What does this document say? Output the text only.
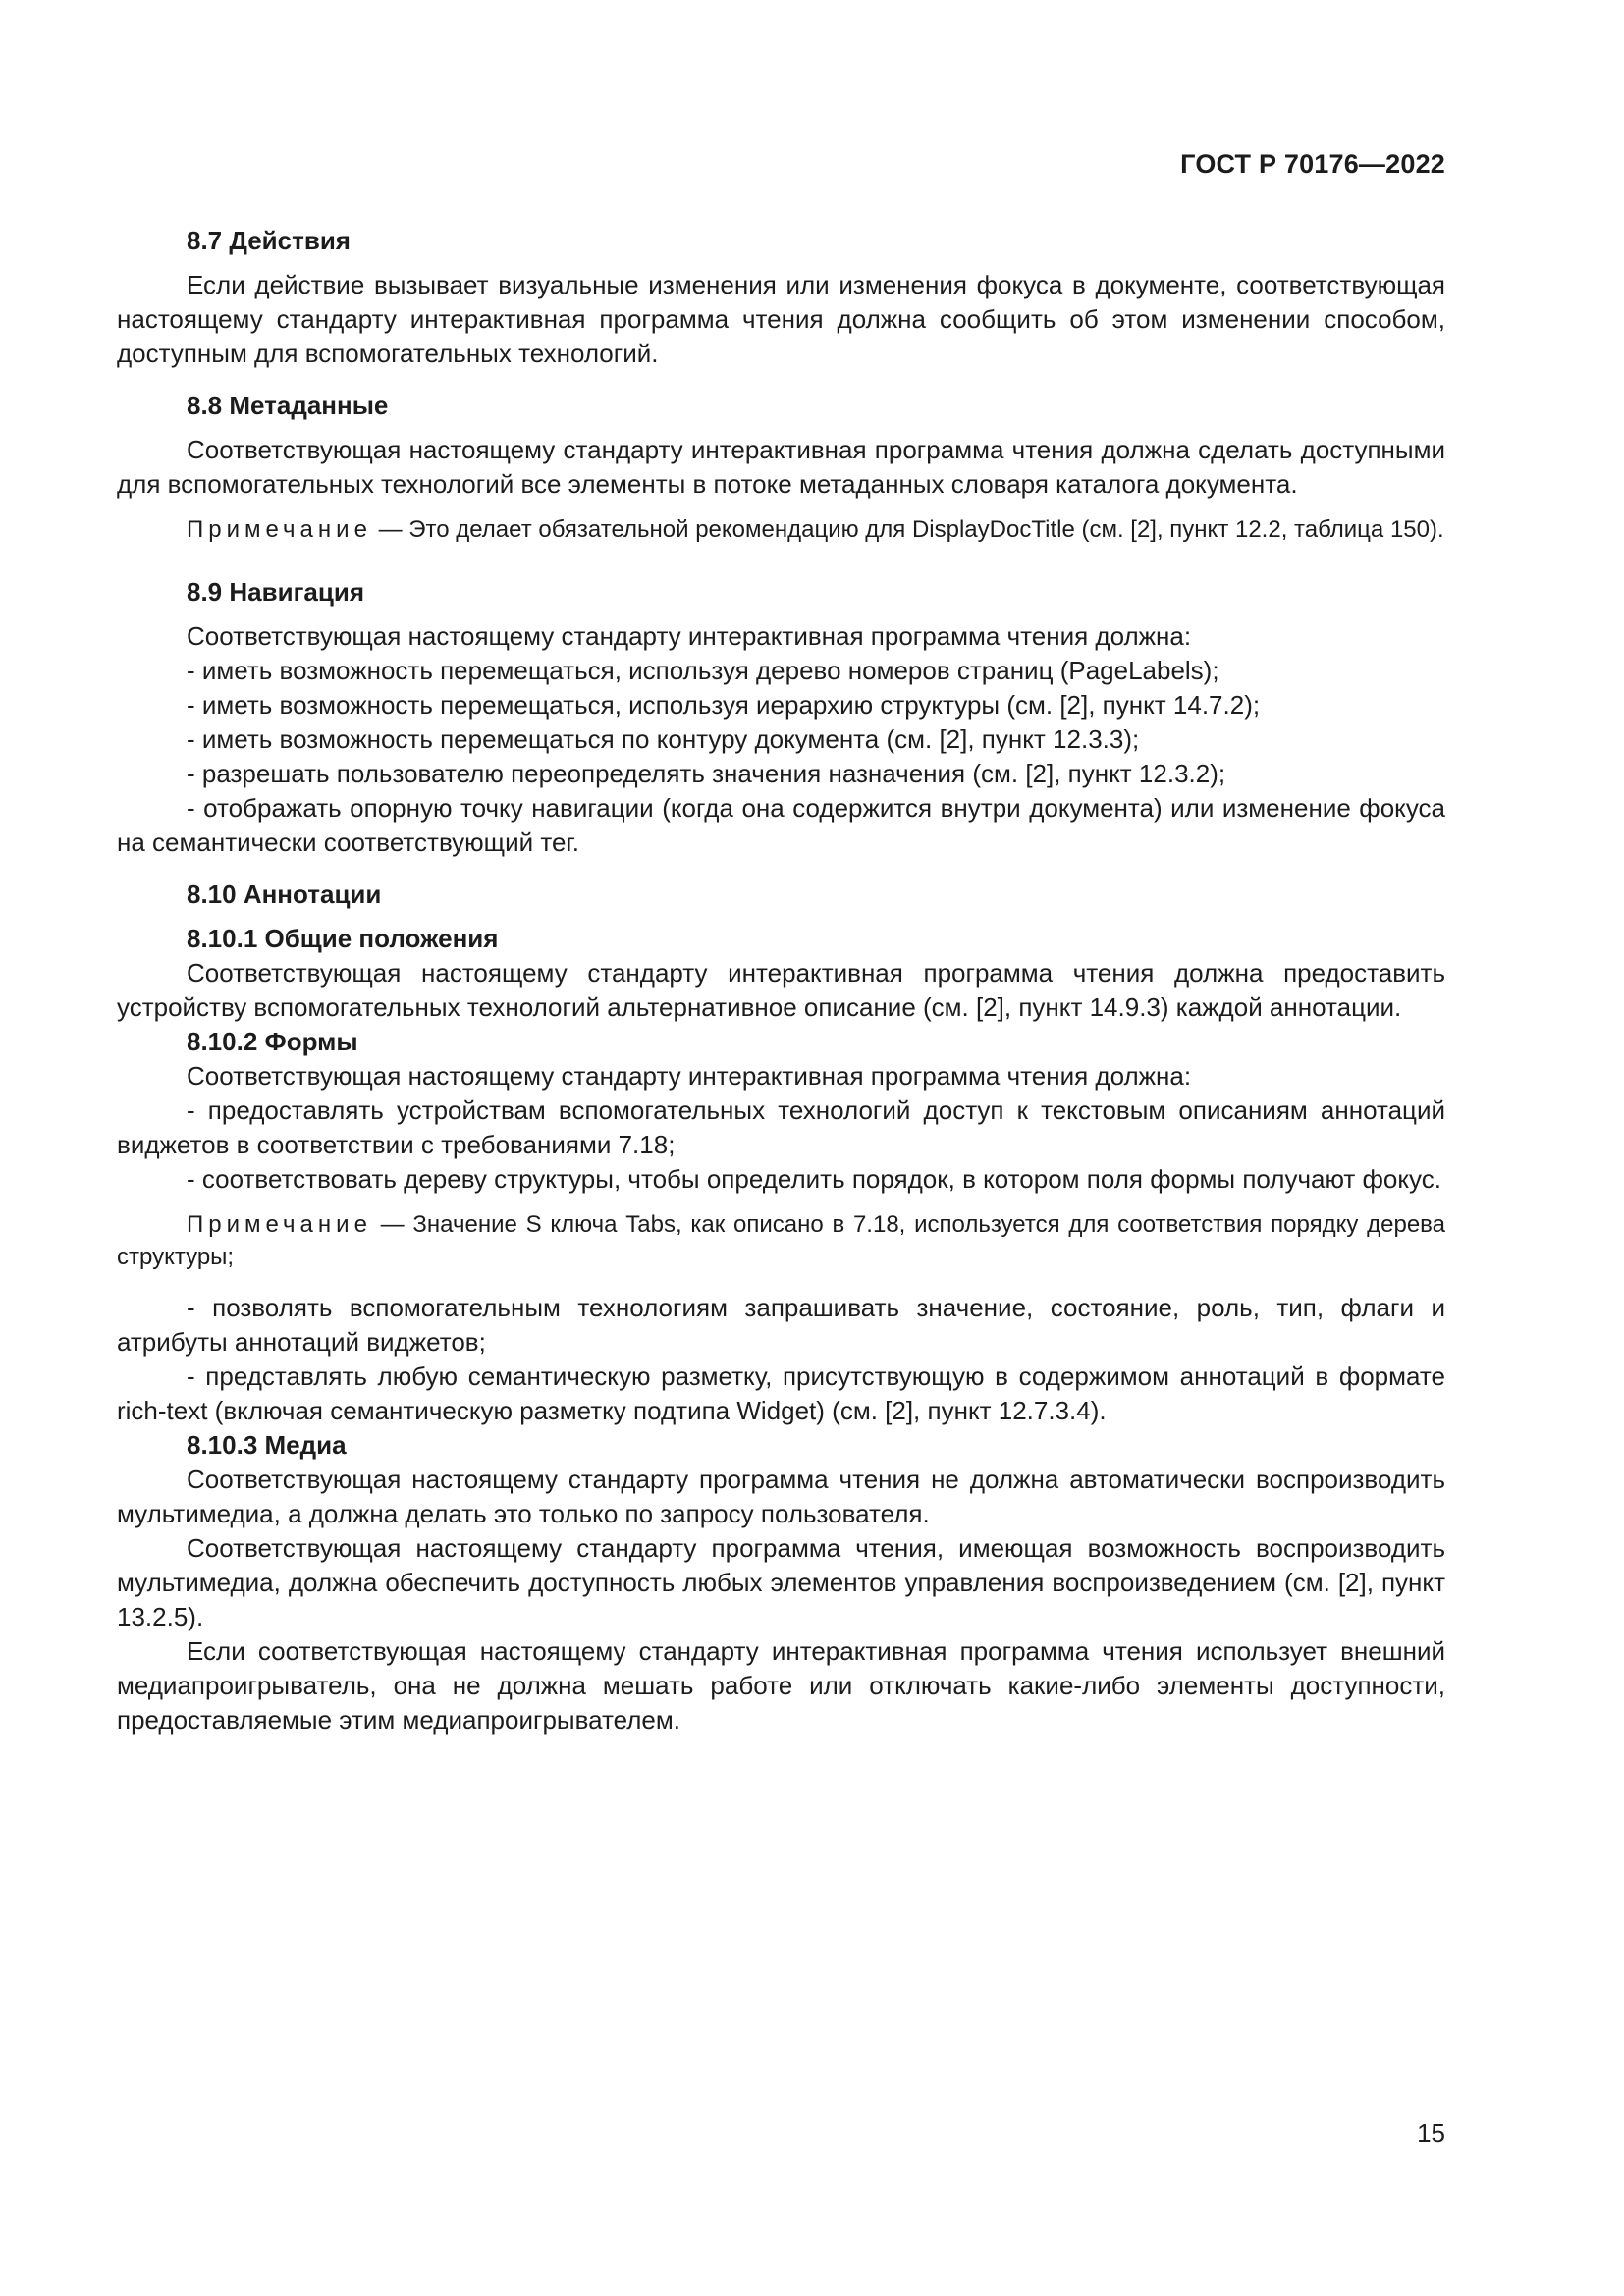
ГОСТ Р 70176—2022

8.7 Действия

Если действие вызывает визуальные изменения или изменения фокуса в документе, соответствующая настоящему стандарту интерактивная программа чтения должна сообщить об этом изменении способом, доступным для вспомогательных технологий.

8.8 Метаданные

Соответствующая настоящему стандарту интерактивная программа чтения должна сделать доступными для вспомогательных технологий все элементы в потоке метаданных словаря каталога документа.

Примечание — Это делает обязательной рекомендацию для DisplayDocTitle (см. [2], пункт 12.2, таблица 150).

8.9 Навигация

Соответствующая настоящему стандарту интерактивная программа чтения должна:

- иметь возможность перемещаться, используя дерево номеров страниц (PageLabels);

- иметь возможность перемещаться, используя иерархию структуры (см. [2], пункт 14.7.2);

- иметь возможность перемещаться по контуру документа (см. [2], пункт 12.3.3);

- разрешать пользователю переопределять значения назначения (см. [2], пункт 12.3.2);

- отображать опорную точку навигации (когда она содержится внутри документа) или изменение фокуса на семантически соответствующий тег.

8.10 Аннотации

8.10.1 Общие положения

Соответствующая настоящему стандарту интерактивная программа чтения должна предоставить устройству вспомогательных технологий альтернативное описание (см. [2], пункт 14.9.3) каждой аннотации.

8.10.2 Формы

Соответствующая настоящему стандарту интерактивная программа чтения должна:

- предоставлять устройствам вспомогательных технологий доступ к текстовым описаниям аннотаций виджетов в соответствии с требованиями 7.18;

- соответствовать дереву структуры, чтобы определить порядок, в котором поля формы получают фокус.

Примечание — Значение S ключа Tabs, как описано в 7.18, используется для соответствия порядку дерева структуры;

- позволять вспомогательным технологиям запрашивать значение, состояние, роль, тип, флаги и атрибуты аннотаций виджетов;

- представлять любую семантическую разметку, присутствующую в содержимом аннотаций в формате rich-text (включая семантическую разметку подтипа Widget) (см. [2], пункт 12.7.3.4).

8.10.3 Медиа

Соответствующая настоящему стандарту программа чтения не должна автоматически воспроизводить мультимедиа, а должна делать это только по запросу пользователя.

Соответствующая настоящему стандарту программа чтения, имеющая возможность воспроизводить мультимедиа, должна обеспечить доступность любых элементов управления воспроизведением (см. [2], пункт 13.2.5).

Если соответствующая настоящему стандарту интерактивная программа чтения использует внешний медиапроигрыватель, она не должна мешать работе или отключать какие-либо элементы доступности, предоставляемые этим медиапроигрывателем.

15
